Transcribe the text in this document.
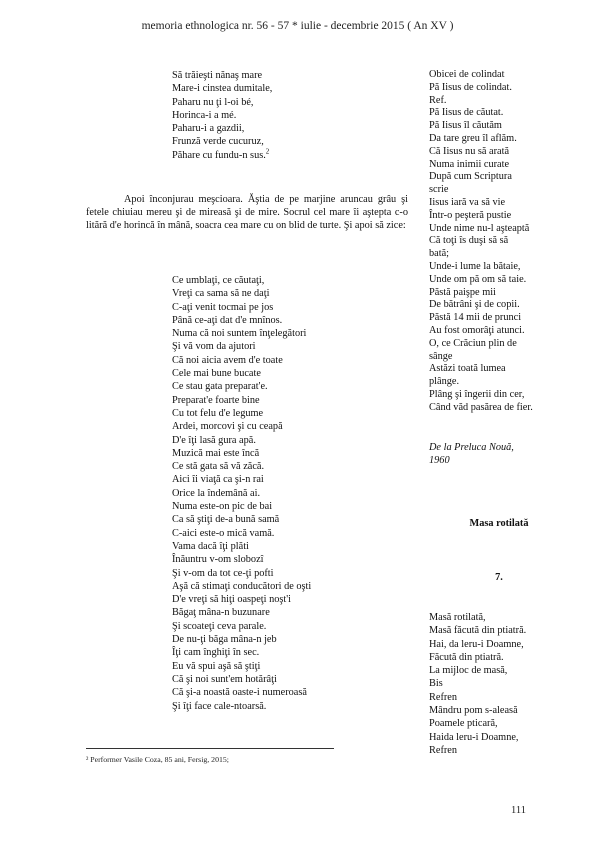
memoria ethnologica nr. 56 - 57 * iulie - decembrie 2015 ( An XV )
Să trăieşti nănaş mare
Mare-i cinstea dumitale,
Paharu nu ţi l-oi bé,
Horinca-i a mé.
Paharu-i a gazdii,
Frunză verde cucuruz,
Păhare cu fundu-n sus.$^2$
Apoi înconjurau meşcioara. Ăştia de pe marjine aruncau grâu şi fetele chiuiau mereu şi de mireasă şi de mire. Socrul cel mare îi aştepta c-o litără d'e horincă în mână, soacra cea mare cu on blid de turte. Şi apoi să zice:
Ce umblaţi, ce căutaţi,
Vreţi ca sama să ne daţi
C-aţi venit tocmai pe jos
Până ce-aţi dat d'e mnînos.
Numa că noi suntem înţelegători
Şi vă vom da ajutori
Că noi aicia avem d'e toate
Cele mai bune bucate
Ce stau gata preparat'e.
Preparat'e foarte bine
Cu tot felu d'e legume
Ardei, morcovi şi cu ceapă
D'e îţi lasă gura apă.
Muzică mai este încă
Ce stă gata să vă zăcă.
Aici îi viaţă ca şi-n rai
Orice la îndemână ai.
Numa este-on pic de bai
Ca să ştiţi de-a bună samă
C-aici este-o mică vamă.
Vama dacă îţi plăti
Înăuntru v-om slobozî
Şi v-om da tot ce-ţi pofti
Aşă că stimaţi conducători de oşti
D'e vreţi să hiţi oaspeţi noşt'i
Băgaţ mâna-n buzunare
Şi scoateţi ceva parale.
De nu-ţi băga mâna-n jeb
Îţi cam înghiţi în sec.
Eu vă spui aşă să ştiţi
Că şi noi sunt'em hotărâţi
Că şi-a noastă oaste-i numeroasă
Şi îţi face cale-ntoarsă.
Obicei de colindat
Pă Iisus de colindat.
Ref.
Pă Iisus de căutat.
Pă Iisus îl căutăm
Da tare greu îl aflăm.
Că Iisus nu să arată
Numa inimii curate
După cum Scriptura
scrie
Iisus iară va să vie
Într-o peşteră pustie
Unde nime nu-l aşteaptă
Că toţi îs duşi să să
bată;
Unde-i lume la bătaie,
Unde om pă om să taie.
Păstă paişpe mii
De bătrâni şi de copii.
Păstă 14 mii de prunci
Au fost omorâţi atunci.
O, ce Crăciun plin de
sânge
Astăzi toată lumea
plânge.
Plâng şi îngerii din cer,
Când văd pasărea de fier.
De la Preluca Nouă,
1960
Masa rotilată
7.
Masă rotilată,
Masă făcută din ptiatră.
Hai, da leru-i Doamne,
Făcută din ptiatră.
La mijloc de masă,
Bis
Refren
Mândru pom s-aleasă
Poamele pticară,
Haida leru-i Doamne,
Refren
² Performer Vasile Coza, 85 ani, Fersig, 2015;
111
